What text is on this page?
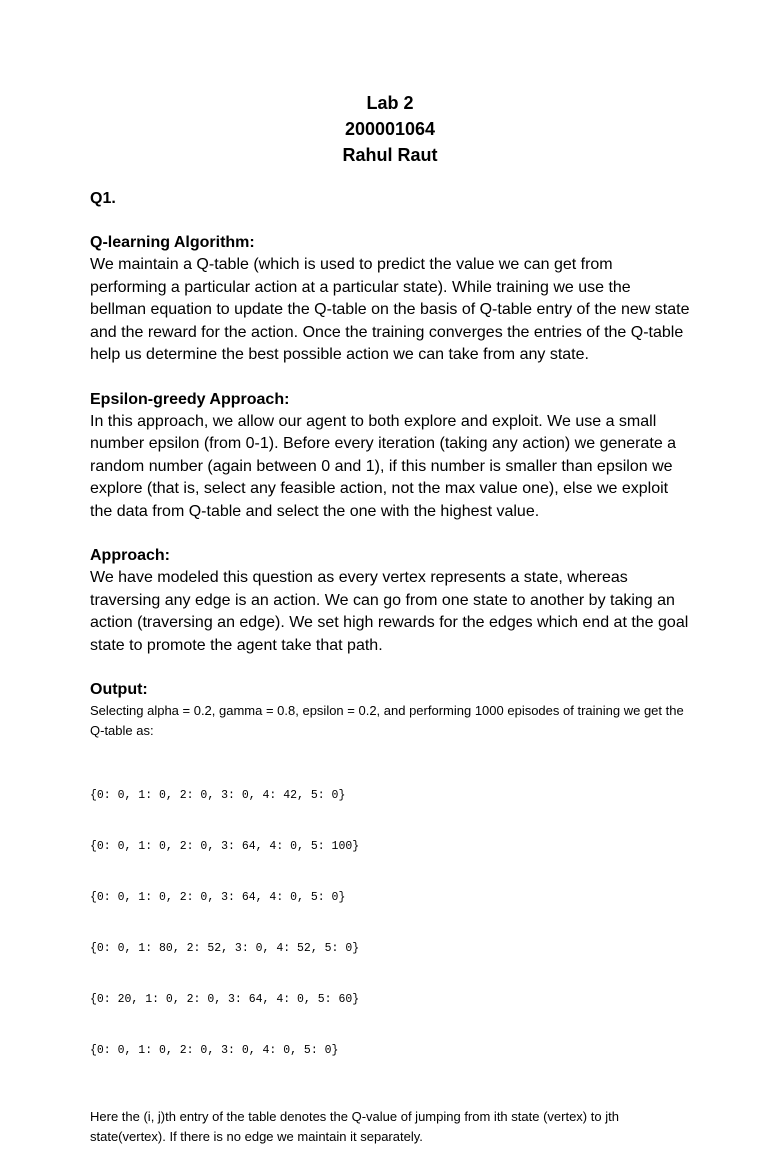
Lab 2
200001064
Rahul Raut
Q1.
Q-learning Algorithm:

We maintain a Q-table (which is used to predict the value we can get from performing a particular action at a particular state). While training we use the bellman equation to update the Q-table on the basis of Q-table entry of the new state and the reward for the action. Once the training converges the entries of the Q-table help us determine the best possible action we can take from any state.

Epsilon-greedy Approach:

In this approach, we allow our agent to both explore and exploit. We use a small number epsilon (from 0-1). Before every iteration (taking any action) we generate a random number (again between 0 and 1), if this number is smaller than epsilon we explore (that is, select any feasible action, not the max value one), else we exploit the data from Q-table and select the one with the highest value.

Approach:

We have modeled this question as every vertex represents a state, whereas traversing any edge is an action. We can go from one state to another by taking an action (traversing an edge). We set high rewards for the edges which end at the goal state to promote the agent take that path.

Output:

Selecting alpha = 0.2, gamma = 0.8, epsilon = 0.2, and performing 1000 episodes of training we get the Q-table as:

{0: 0, 1: 0, 2: 0, 3: 0, 4: 42, 5: 0}

{0: 0, 1: 0, 2: 0, 3: 64, 4: 0, 5: 100}

{0: 0, 1: 0, 2: 0, 3: 64, 4: 0, 5: 0}

{0: 0, 1: 80, 2: 52, 3: 0, 4: 52, 5: 0}

{0: 20, 1: 0, 2: 0, 3: 64, 4: 0, 5: 60}

{0: 0, 1: 0, 2: 0, 3: 0, 4: 0, 5: 0}

Here the (i, j)th entry of the table denotes the Q-value of jumping from ith state (vertex) to jth state(vertex). If there is no edge we maintain it separately.
